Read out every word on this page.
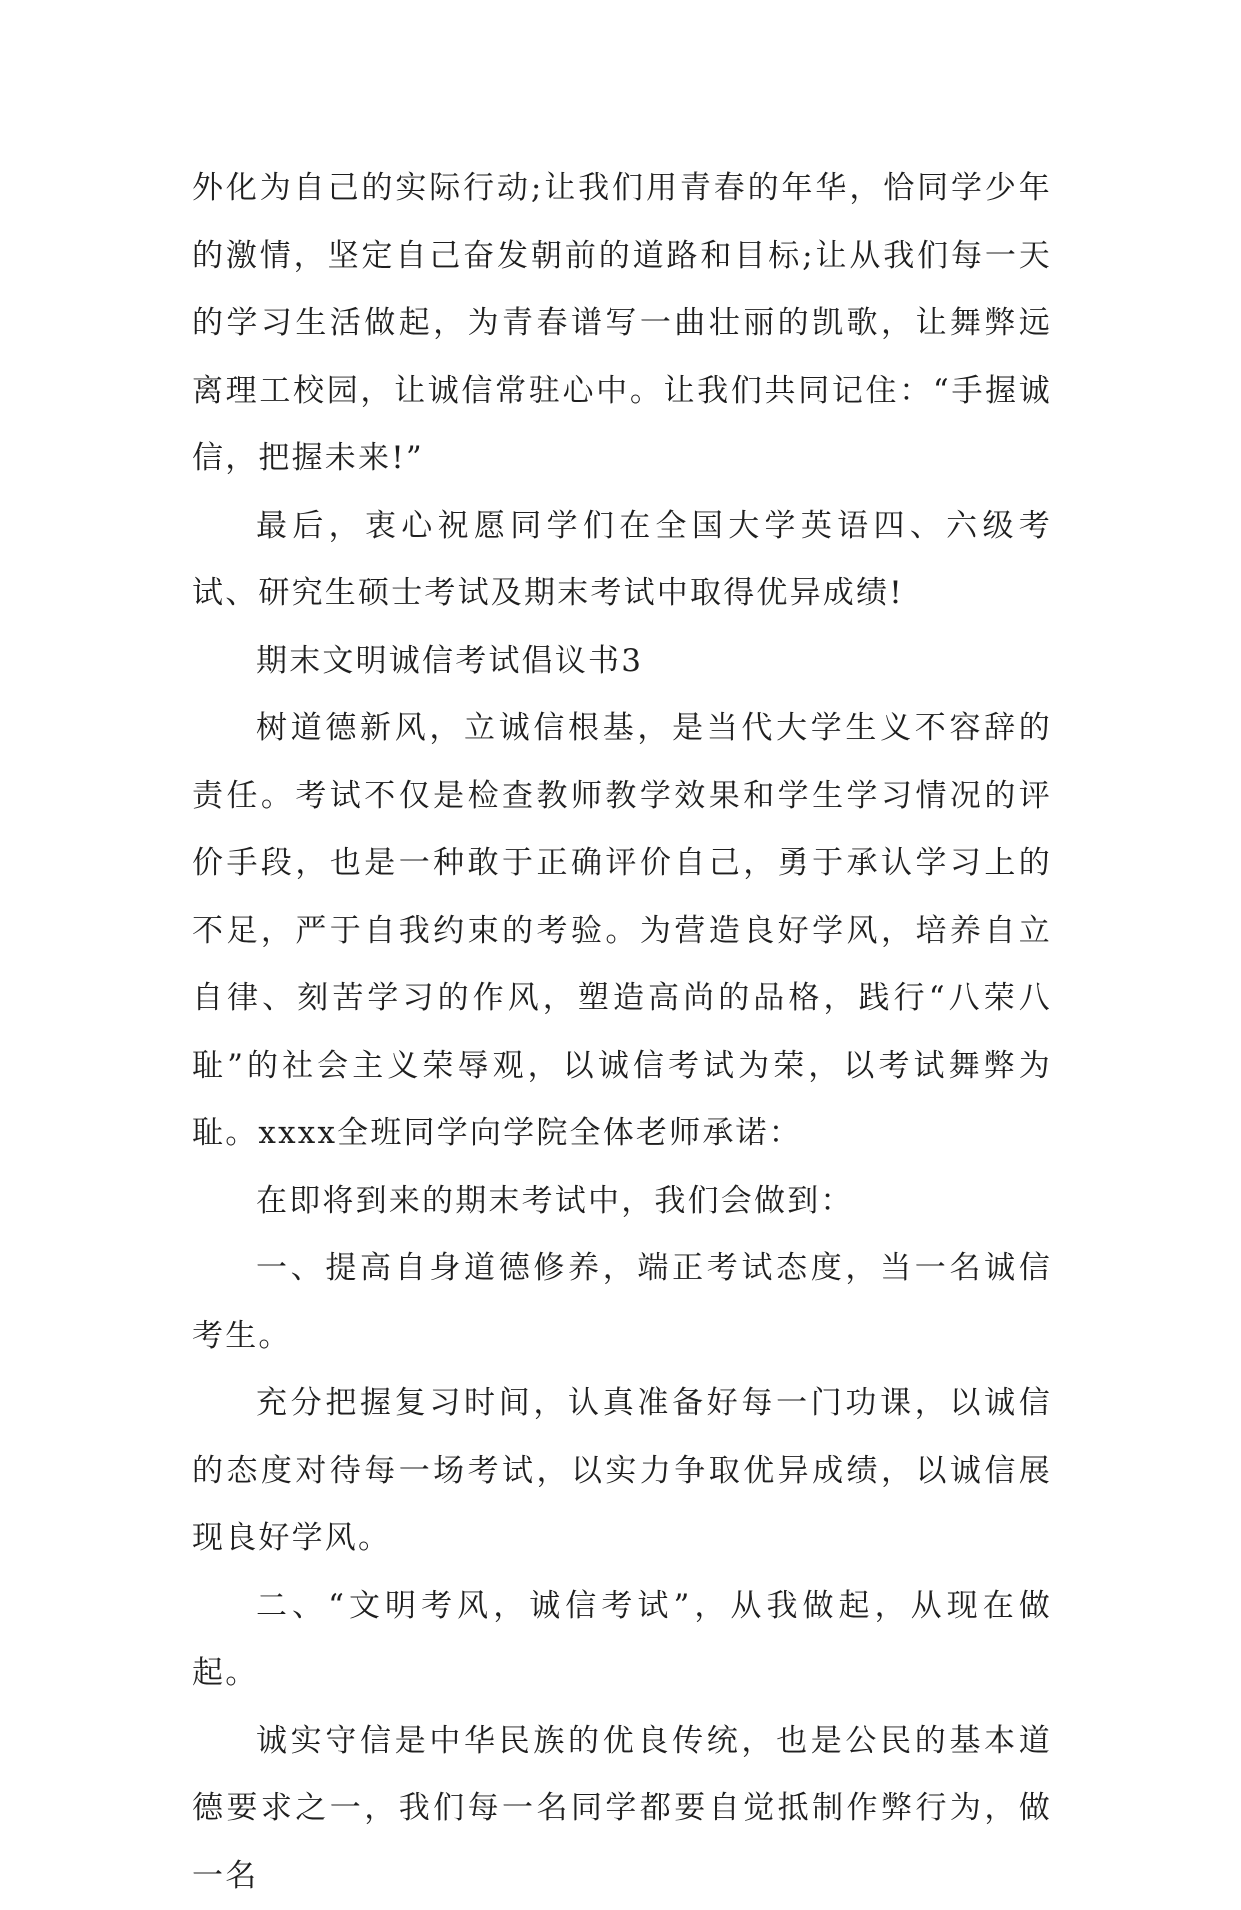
外化为自己的实际行动;让我们用青春的年华，恰同学少年的激情，坚定自己奋发朝前的道路和目标;让从我们每一天的学习生活做起，为青春谱写一曲壮丽的凯歌，让舞弊远离理工校园，让诚信常驻心中。让我们共同记住：“手握诚信，把握未来!”

最后，衷心祝愿同学们在全国大学英语四、六级考试、研究生硕士考试及期末考试中取得优异成绩!

期末文明诚信考试倡议书3

树道德新风，立诚信根基，是当代大学生义不容辞的责任。考试不仅是检查教师教学效果和学生学习情况的评价手段，也是一种敢于正确评价自己，勇于承认学习上的不足，严于自我约束的考验。为营造良好学风，培养自立自律、刻苦学习的作风，塑造高尚的品格，践行“八荣八耻”的社会主义荣辱观，以诚信考试为荣，以考试舞弊为耻。xxxx全班同学向学院全体老师承诺：

在即将到来的期末考试中，我们会做到：

一、提高自身道德修养，端正考试态度，当一名诚信考生。

充分把握复习时间，认真准备好每一门功课，以诚信的态度对待每一场考试，以实力争取优异成绩，以诚信展现良好学风。

二、“文明考风，诚信考试”，从我做起，从现在做起。

诚实守信是中华民族的优良传统，也是公民的基本道德要求之一，我们每一名同学都要自觉抵制作弊行为，做一名
